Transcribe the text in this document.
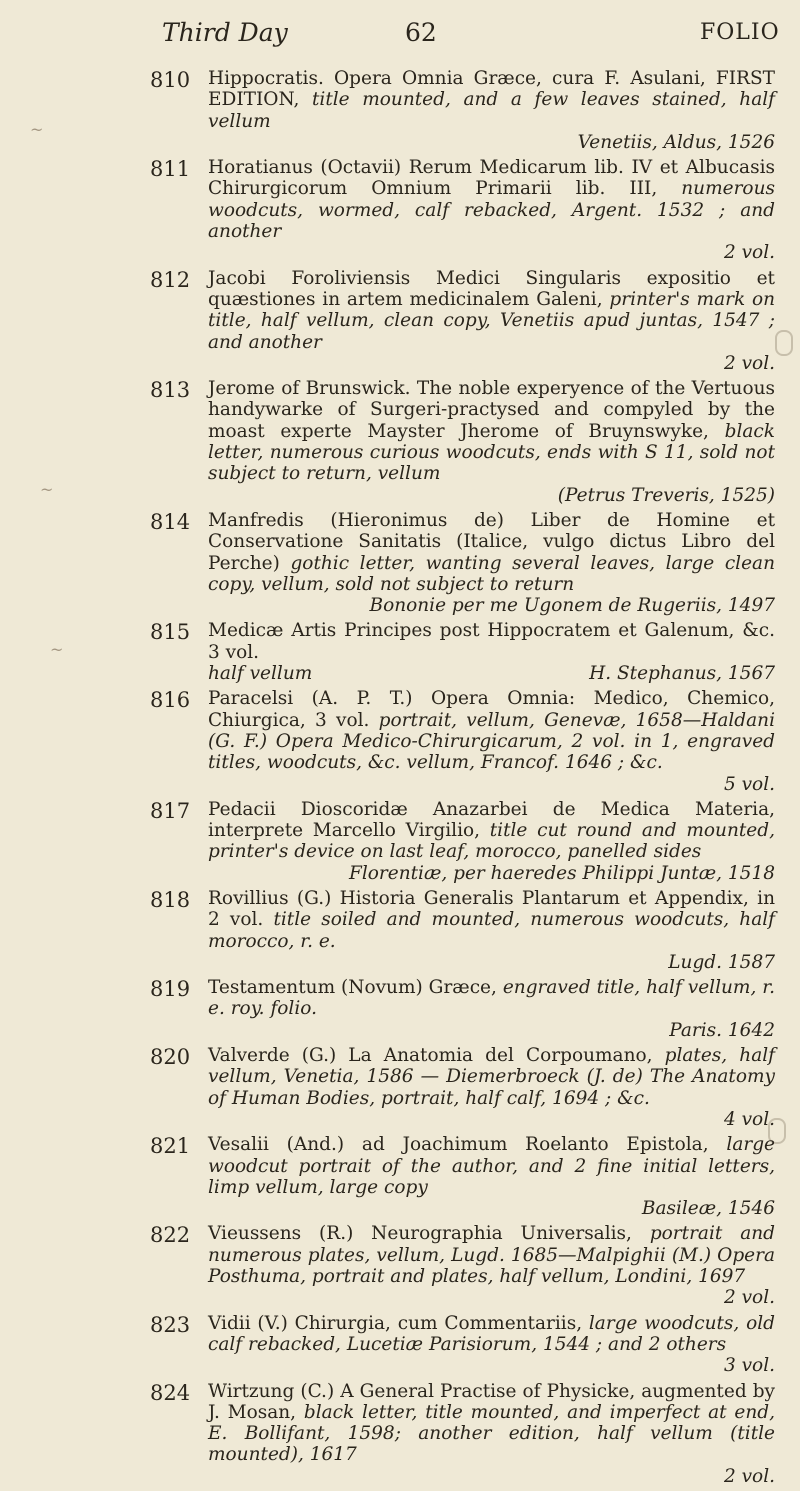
Third Day	62	FOLIO
~
~
~
810 Hippocratis. Opera Omnia Græce, cura F. Asulani, FIRST EDITION, title mounted, and a few leaves stained, half vellum
Venetiis, Aldus, 1526
811 Horatianus (Octavii) Rerum Medicarum lib. IV et Albucasis Chirurgicorum Omnium Primarii lib. III, numerous woodcuts, wormed, calf rebacked, Argent. 1532 ; and another
2 vol.
812 Jacobi Foroliviensis Medici Singularis expositio et quæstiones in artem medicinalem Galeni, printer's mark on title, half vellum, clean copy, Venetiis apud juntas, 1547 ; and another
2 vol.
813 Jerome of Brunswick. The noble experyence of the Vertuous handywarke of Surgeri-practysed and compyled by the moast experte Mayster Jherome of Bruynswyke, black letter, numerous curious woodcuts, ends with S 11, sold not subject to return, vellum
(Petrus Treveris, 1525)
814 Manfredis (Hieronimus de) Liber de Homine et Conservatione Sanitatis (Italice, vulgo dictus Libro del Perche) gothic letter, wanting several leaves, large clean copy, vellum, sold not subject to return
Bononie per me Ugonem de Rugeriis, 1497
815 Medicæ Artis Principes post Hippocratem et Galenum, &c. 3 vol.
half vellum	H. Stephanus, 1567
816 Paracelsi (A. P. T.) Opera Omnia: Medico, Chemico, Chiurgica, 3 vol. portrait, vellum, Genevæ, 1658—Haldani (G. F.) Opera Medico-Chirurgicarum, 2 vol. in 1, engraved titles, woodcuts, &c. vellum, Francof. 1646 ; &c.
5 vol.
817 Pedacii Dioscoridæ Anazarbei de Medica Materia, interprete Marcello Virgilio, title cut round and mounted, printer's device on last leaf, morocco, panelled sides
Florentiæ, per haeredes Philippi Juntæ, 1518
818 Rovillius (G.) Historia Generalis Plantarum et Appendix, in 2 vol. title soiled and mounted, numerous woodcuts, half morocco, r. e.
Lugd. 1587
819 Testamentum (Novum) Græce, engraved title, half vellum, r. e. roy. folio.
Paris. 1642
820 Valverde (G.) La Anatomia del Corpoumano, plates, half vellum, Venetia, 1586 — Diemerbroeck (J. de) The Anatomy of Human Bodies, portrait, half calf, 1694 ; &c.
4 vol.
821 Vesalii (And.) ad Joachimum Roelanto Epistola, large woodcut portrait of the author, and 2 fine initial letters, limp vellum, large copy
Basileæ, 1546
822 Vieussens (R.) Neurographia Universalis, portrait and numerous plates, vellum, Lugd. 1685—Malpighii (M.) Opera Posthuma, portrait and plates, half vellum, Londini, 1697
2 vol.
823 Vidii (V.) Chirurgia, cum Commentariis, large woodcuts, old calf rebacked, Lucetiæ Parisiorum, 1544 ; and 2 others
3 vol.
824 Wirtzung (C.) A General Practise of Physicke, augmented by J. Mosan, black letter, title mounted, and imperfect at end, E. Bollifant, 1598; another edition, half vellum (title mounted), 1617
2 vol.
